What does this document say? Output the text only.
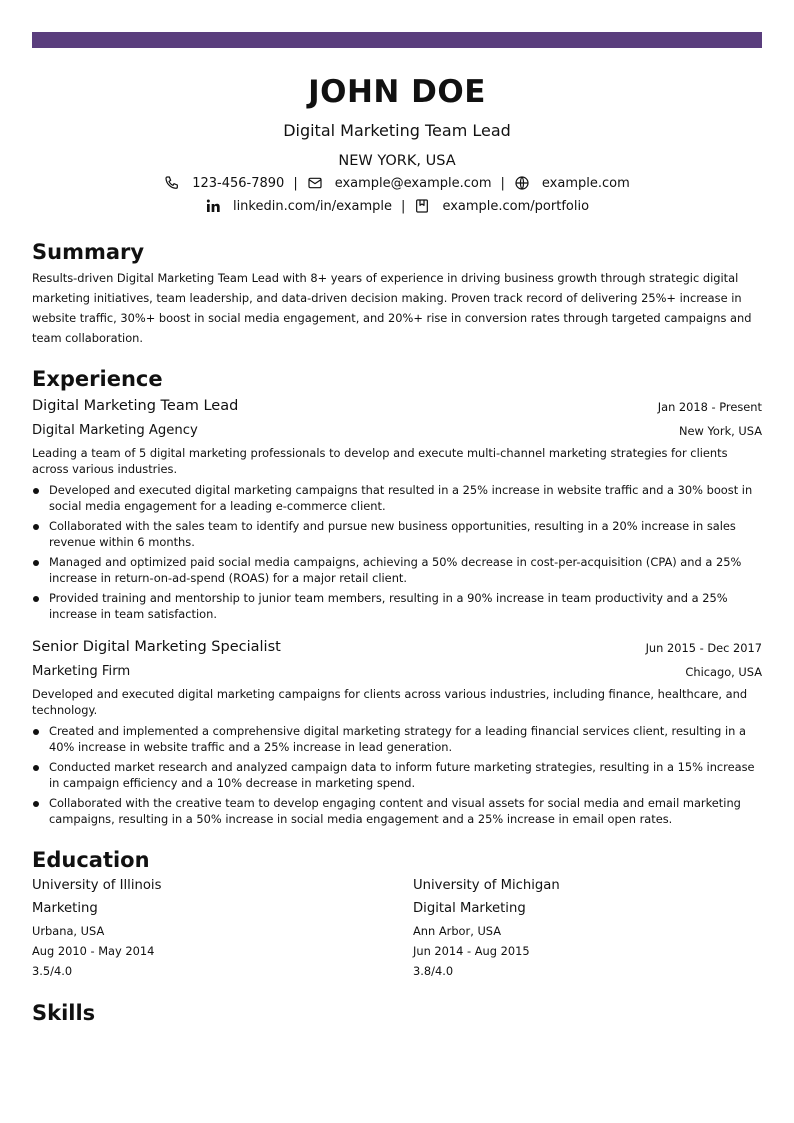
JOHN DOE
Digital Marketing Team Lead
NEW YORK, USA
123-456-7890 |	example@example.com |	example.com
linkedin.com/in/example |	example.com/portfolio
Summary
Results-driven Digital Marketing Team Lead with 8+ years of experience in driving business growth through strategic digital marketing initiatives, team leadership, and data-driven decision making. Proven track record of delivering 25%+ increase in website traffic, 30%+ boost in social media engagement, and 20%+ rise in conversion rates through targeted campaigns and team collaboration.
Experience
Digital Marketing Team Lead	Jan 2018 - Present
Digital Marketing Agency	New York, USA
Leading a team of 5 digital marketing professionals to develop and execute multi-channel marketing strategies for clients across various industries.
Developed and executed digital marketing campaigns that resulted in a 25% increase in website traffic and a 30% boost in social media engagement for a leading e-commerce client.
Collaborated with the sales team to identify and pursue new business opportunities, resulting in a 20% increase in sales revenue within 6 months.
Managed and optimized paid social media campaigns, achieving a 50% decrease in cost-per-acquisition (CPA) and a 25% increase in return-on-ad-spend (ROAS) for a major retail client.
Provided training and mentorship to junior team members, resulting in a 90% increase in team productivity and a 25% increase in team satisfaction.
Senior Digital Marketing Specialist	Jun 2015 - Dec 2017
Marketing Firm	Chicago, USA
Developed and executed digital marketing campaigns for clients across various industries, including finance, healthcare, and technology.
Created and implemented a comprehensive digital marketing strategy for a leading financial services client, resulting in a 40% increase in website traffic and a 25% increase in lead generation.
Conducted market research and analyzed campaign data to inform future marketing strategies, resulting in a 15% increase in campaign efficiency and a 10% decrease in marketing spend.
Collaborated with the creative team to develop engaging content and visual assets for social media and email marketing campaigns, resulting in a 50% increase in social media engagement and a 25% increase in email open rates.
Education
University of Illinois
Marketing
Urbana, USA
Aug 2010 - May 2014
3.5/4.0
University of Michigan
Digital Marketing
Ann Arbor, USA
Jun 2014 - Aug 2015
3.8/4.0
Skills
